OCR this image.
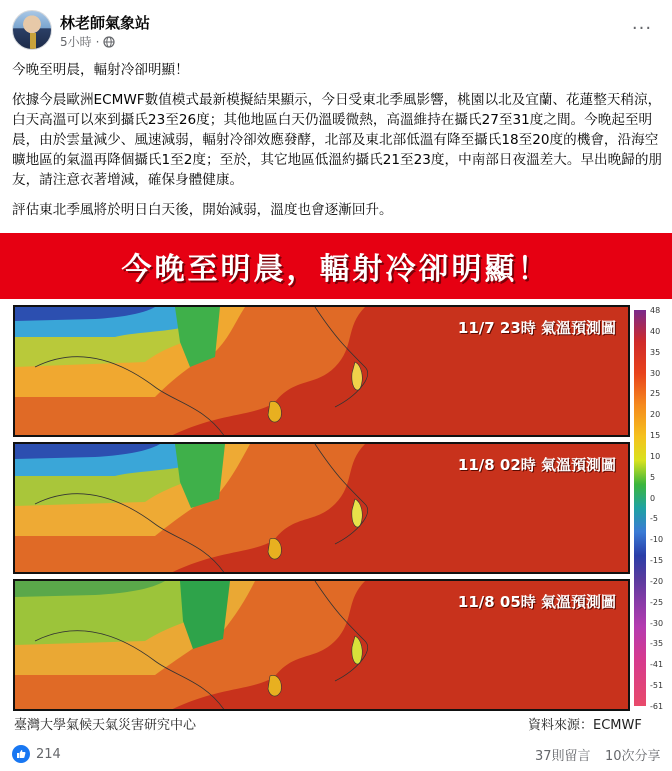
林老師氣象站
5小時 ·
···

今晚至明晨，輻射冷卻明顯！

依據今晨歐洲ECMWF數值模式最新模擬結果顯示，今日受東北季風影響，桃園以北及宜蘭、花蓮整天稍涼，白天高溫可以來到攝氏23至26度；其他地區白天仍溫暖微熱，高溫維持在攝氏27至31度之間。今晚起至明晨，由於雲量減少、風速減弱，輻射冷卻效應發酵，北部及東北部低溫有降至攝氏18至20度的機會，沿海空曠地區的氣溫再降個攝氏1至2度；至於，其它地區低溫約攝氏21至23度，中南部日夜溫差大。早出晚歸的朋友，請注意衣著增減，確保身體健康。

評估東北季風將於明日白天後，開始減弱，溫度也會逐漸回升。

今晚至明晨，輻射冷卻明顯！
11/7 23時 氣溫預測圖
11/8 02時 氣溫預測圖
11/8 05時 氣溫預測圖
48
40
35
30
25
20
15
10
5
0
-5
-10
-15
-20
-25
-30
-35
-41
-51
-61
臺灣大學氣候天氣災害研究中心	資料來源：ECMWF
214	37則留言 10次分享
